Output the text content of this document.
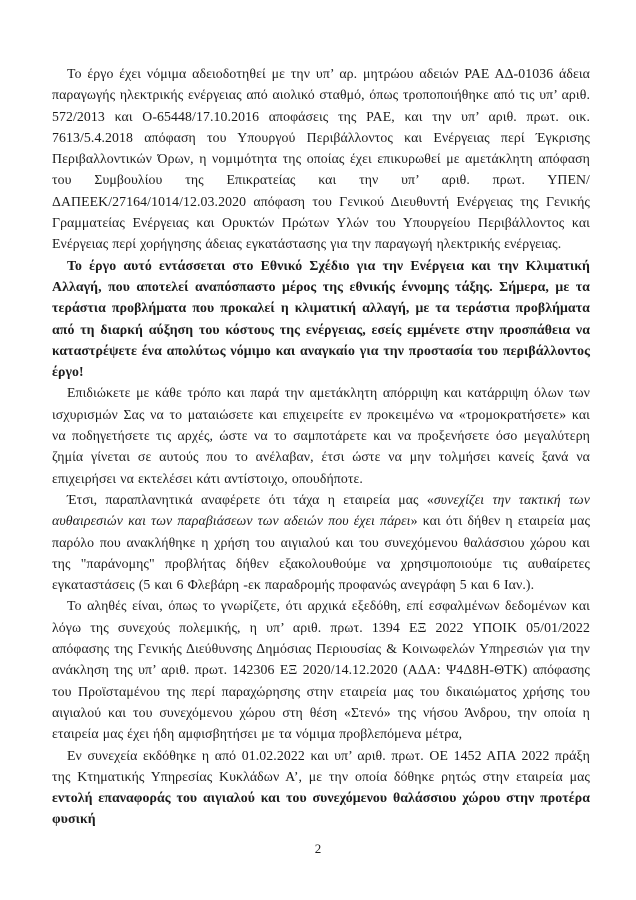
Το έργο έχει νόμιμα αδειοδοτηθεί με την υπ’ αρ. μητρώου αδειών ΡΑΕ ΑΔ-01036 άδεια παραγωγής ηλεκτρικής ενέργειας από αιολικό σταθμό, όπως τροποποιήθηκε από τις υπ’ αριθ. 572/2013 και Ο-65448/17.10.2016 αποφάσεις της ΡΑΕ, και την υπ’ αριθ. πρωτ. οικ. 7613/5.4.2018 απόφαση του Υπουργού Περιβάλλοντος και Ενέργειας περί Έγκρισης Περιβαλλοντικών Όρων, η νομιμότητα της οποίας έχει επικυρωθεί με αμετάκλητη απόφαση του Συμβουλίου της Επικρατείας και την υπ’ αριθ. πρωτ. ΥΠΕΝ/ΔΑΠΕΕΚ/27164/1014/12.03.2020 απόφαση του Γενικού Διευθυντή Ενέργειας της Γενικής Γραμματείας Ενέργειας και Ορυκτών Πρώτων Υλών του Υπουργείου Περιβάλλοντος και Ενέργειας περί χορήγησης άδειας εγκατάστασης για την παραγωγή ηλεκτρικής ενέργειας.

Το έργο αυτό εντάσσεται στο Εθνικό Σχέδιο για την Ενέργεια και την Κλιματική Αλλαγή, που αποτελεί αναπόσπαστο μέρος της εθνικής έννομης τάξης. Σήμερα, με τα τεράστια προβλήματα που προκαλεί η κλιματική αλλαγή, με τα τεράστια προβλήματα από τη διαρκή αύξηση του κόστους της ενέργειας, εσείς εμμένετε στην προσπάθεια να καταστρέψετε ένα απολύτως νόμιμο και αναγκαίο για την προστασία του περιβάλλοντος έργο!

Επιδιώκετε με κάθε τρόπο και παρά την αμετάκλητη απόρριψη και κατάρριψη όλων των ισχυρισμών Σας να το ματαιώσετε και επιχειρείτε εν προκειμένω να «τρομοκρατήσετε» και να ποδηγετήσετε τις αρχές, ώστε να το σαμποτάρετε και να προξενήσετε όσο μεγαλύτερη ζημία γίνεται σε αυτούς που το ανέλαβαν, έτσι ώστε να μην τολμήσει κανείς ξανά να επιχειρήσει να εκτελέσει κάτι αντίστοιχο, οπουδήποτε.

Έτσι, παραπλανητικά αναφέρετε ότι τάχα η εταιρεία μας «συνεχίζει την τακτική των αυθαιρεσιών και των παραβιάσεων των αδειών που έχει πάρει» και ότι δήθεν η εταιρεία μας παρόλο που ανακλήθηκε η χρήση του αιγιαλού και του συνεχόμενου θαλάσσιου χώρου και της "παράνομης" προβλήτας δήθεν εξακολουθούμε να χρησιμοποιούμε τις αυθαίρετες εγκαταστάσεις (5 και 6 Φλεβάρη -εκ παραδρομής προφανώς ανεγράφη 5 και 6 Ιαν.).

Το αληθές είναι, όπως το γνωρίζετε, ότι αρχικά εξεδόθη, επί εσφαλμένων δεδομένων και λόγω της συνεχούς πολεμικής, η υπ’ αριθ. πρωτ. 1394 ΕΞ 2022 ΥΠΟΙΚ 05/01/2022 απόφασης της Γενικής Διεύθυνσης Δημόσιας Περιουσίας & Κοινωφελών Υπηρεσιών για την ανάκληση της υπ’ αριθ. πρωτ. 142306 ΕΞ 2020/14.12.2020 (ΑΔΑ: Ψ4Δ8Η-ΘΤΚ) απόφασης του Προϊσταμένου της περί παραχώρησης στην εταιρεία μας του δικαιώματος χρήσης του αιγιαλού και του συνεχόμενου χώρου στη θέση «Στενό» της νήσου Άνδρου, την οποία η εταιρεία μας έχει ήδη αμφισβητήσει με τα νόμιμα προβλεπόμενα μέτρα,

Εν συνεχεία εκδόθηκε η από 01.02.2022 και υπ’ αριθ. πρωτ. ΟΕ 1452 ΑΠΑ 2022 πράξη της Κτηματικής Υπηρεσίας Κυκλάδων Α’, με την οποία δόθηκε ρητώς στην εταιρεία μας εντολή επαναφοράς του αιγιαλού και του συνεχόμενου θαλάσσιου χώρου στην προτέρα φυσική

2
